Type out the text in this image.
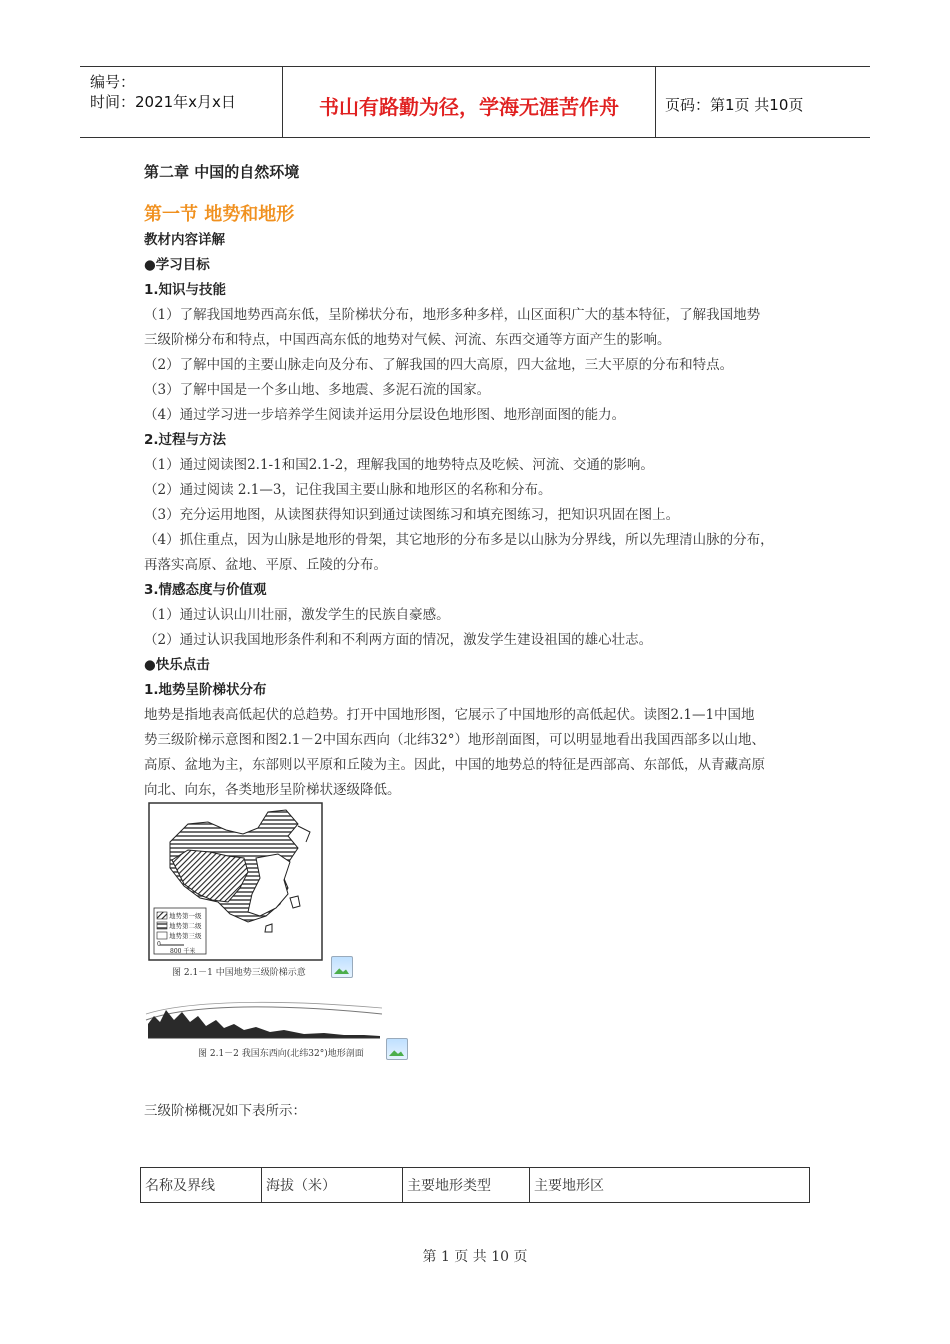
编号：
时间：2021年x月x日	书山有路勤为径，学海无涯苦作舟	页码：第1页 共10页
第二章 中国的自然环境
第一节 地势和地形
教材内容详解
●学习目标
1.知识与技能
（1）了解我国地势西高东低，呈阶梯状分布，地形多种多样，山区面积广大的基本特征，了解我国地势
三级阶梯分布和特点，中国西高东低的地势对气候、河流、东西交通等方面产生的影响。
（2）了解中国的主要山脉走向及分布、了解我国的四大高原，四大盆地，三大平原的分布和特点。
（3）了解中国是一个多山地、多地震、多泥石流的国家。
（4）通过学习进一步培养学生阅读并运用分层设色地形图、地形剖面图的能力。
2.过程与方法
（1）通过阅读图2.1-1和国2.1-2，理解我国的地势特点及吃候、河流、交通的影响。
（2）通过阅读 2.1—3，记住我国主要山脉和地形区的名称和分布。
（3）充分运用地图，从读图获得知识到通过读图练习和填充图练习，把知识巩固在图上。
（4）抓住重点，因为山脉是地形的骨架，其它地形的分布多是以山脉为分界线，所以先理清山脉的分布，
再落实高原、盆地、平原、丘陵的分布。
3.情感态度与价值观
（1）通过认识山川壮丽，激发学生的民族自豪感。
（2）通过认识我国地形条件利和不利两方面的情况，激发学生建设祖国的雄心壮志。
●快乐点击
1.地势呈阶梯状分布
地势是指地表高低起伏的总趋势。打开中国地形图，它展示了中国地形的高低起伏。读图2.1—1中国地
势三级阶梯示意图和图2.1－2中国东西向（北纬32°）地形剖面图，可以明显地看出我国西部多以山地、
高原、盆地为主，东部则以平原和丘陵为主。因此，中国的地势总的特征是西部高、东部低，从青藏高原
向北、向东，各类地形呈阶梯状逐级降低。
地势第一级
地势第二级
地势第三级
0
800 千米
图 2.1－1 中国地势三级阶梯示意
图 2.1－2 我国东西向(北纬32°)地形剖面
三级阶梯概况如下表所示：
名称及界线	海拔（米）	主要地形类型	主要地形区
第 1 页 共 10 页
